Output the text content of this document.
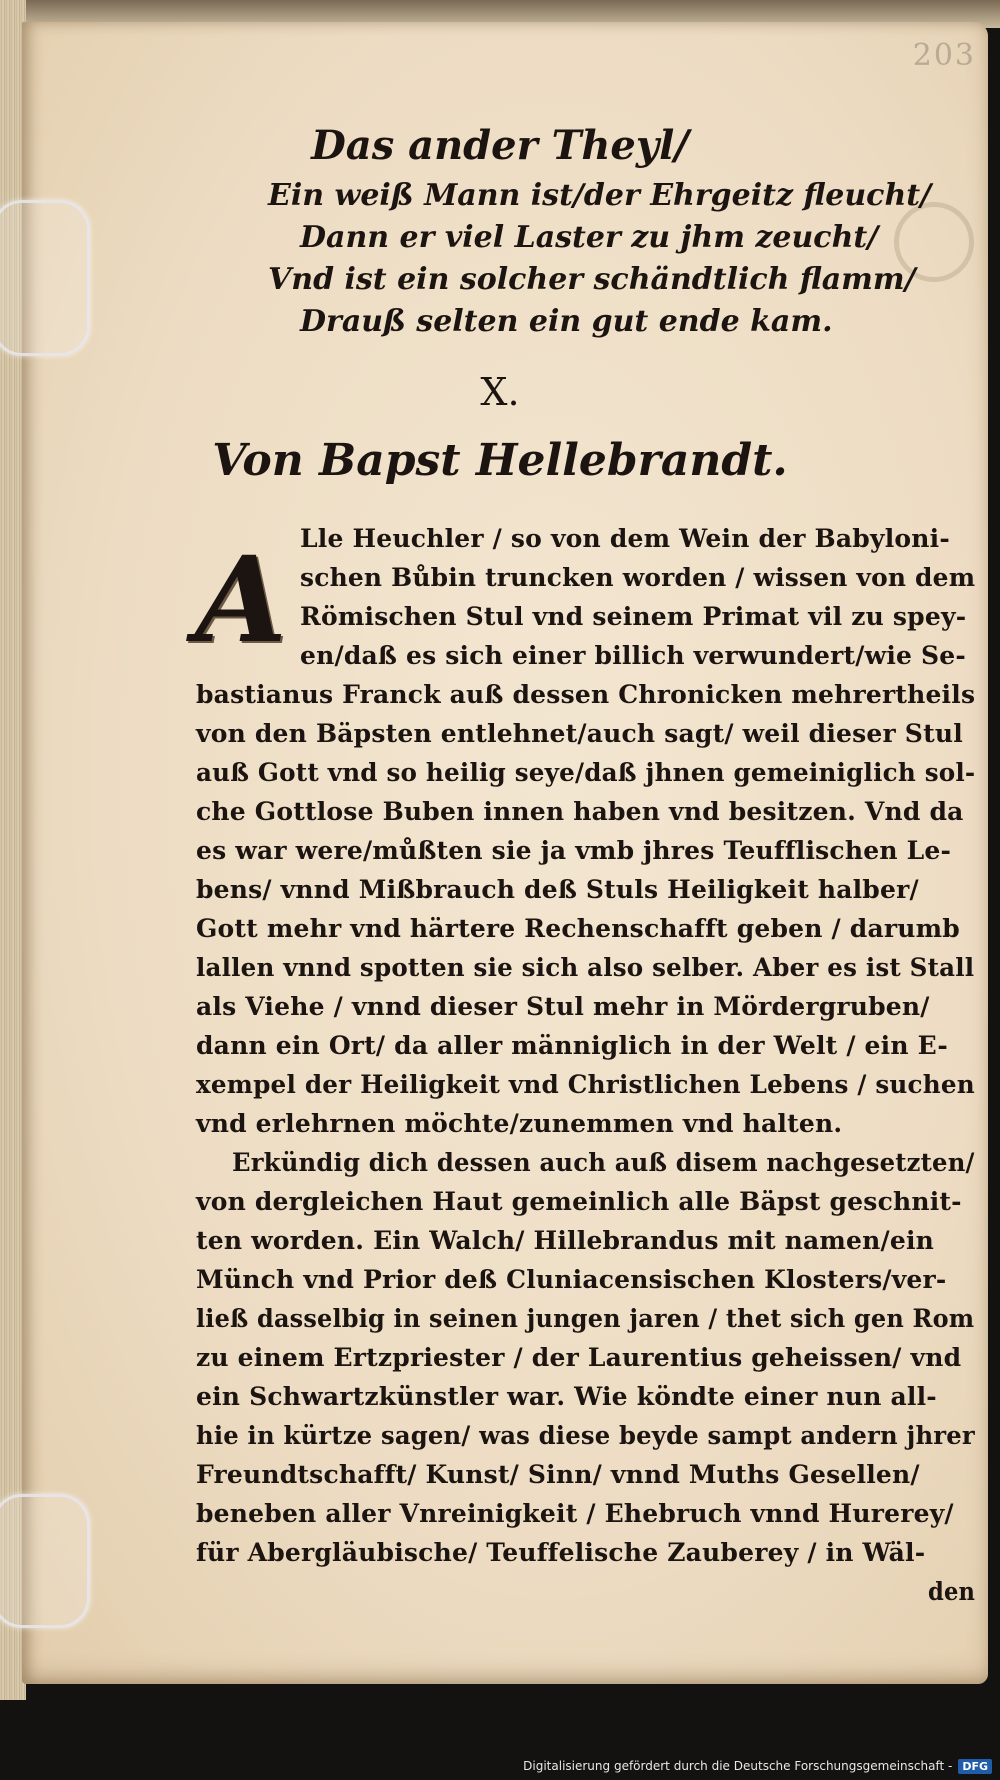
203
Das ander Theyl/
Ein weiß Mann ist/der Ehrgeitz fleucht/
Dann er viel Laster zu jhm zeucht/
Vnd ist ein solcher schändtlich flamm/
Drauß selten ein gut ende kam.
X.
Von Bapst Hellebrandt.
A Lle Heuchler / so von dem Wein der Babyloni-
schen Bůbin truncken worden / wissen von dem
Römischen Stul vnd seinem Primat vil zu spey-
en/daß es sich einer billich verwundert/wie Se-
bastianus Franck auß dessen Chronicken mehrertheils
von den Bäpsten entlehnet/auch sagt/ weil dieser Stul
auß Gott vnd so heilig seye/daß jhnen gemeiniglich sol-
che Gottlose Buben innen haben vnd besitzen. Vnd da
es war were/můßten sie ja vmb jhres Teufflischen Le-
bens/ vnnd Mißbrauch deß Stuls Heiligkeit halber/
Gott mehr vnd härtere Rechenschafft geben / darumb
lallen vnnd spotten sie sich also selber. Aber es ist Stall
als Viehe / vnnd dieser Stul mehr in Mördergruben/
dann ein Ort/ da aller männiglich in der Welt / ein E-
xempel der Heiligkeit vnd Christlichen Lebens / suchen
vnd erlehrnen möchte/zunemmen vnd halten.
Erkündig dich dessen auch auß disem nachgesetzten/
von dergleichen Haut gemeinlich alle Bäpst geschnit-
ten worden. Ein Walch/ Hillebrandus mit namen/ein
Münch vnd Prior deß Cluniacensischen Klosters/ver-
ließ dasselbig in seinen jungen jaren / thet sich gen Rom
zu einem Ertzpriester / der Laurentius geheissen/ vnd
ein Schwartzkünstler war. Wie köndte einer nun all-
hie in kürtze sagen/ was diese beyde sampt andern jhrer
Freundtschafft/ Kunst/ Sinn/ vnnd Muths Gesellen/
beneben aller Vnreinigkeit / Ehebruch vnnd Hurerey/
für Abergläubische/ Teuffelische Zauberey / in Wäl-
den
Digitalisierung gefördert durch die Deutsche Forschungsgemeinschaft - DFG
